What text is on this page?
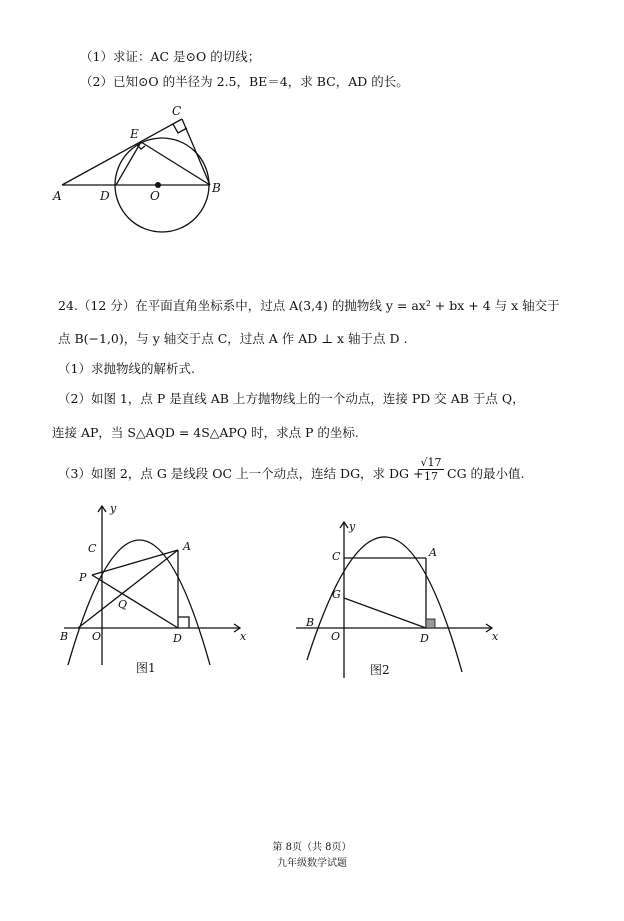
（1）求证：AC 是⊙O 的切线；
（2）已知⊙O 的半径为 2.5，BE＝4，求 BC，AD 的长。
A
B
C
D
E
O
24.（12 分）在平面直角坐标系中，过点 A(3,4) 的抛物线 y = ax² + bx + 4 与 x 轴交于
点 B(−1,0)，与 y 轴交于点 C，过点 A 作 AD ⊥ x 轴于点 D .
（1）求抛物线的解析式.
（2）如图 1，点 P 是直线 AB 上方抛物线上的一个动点，连接 PD 交 AB 于点 Q，
连接 AP，当 S△AQD = 4S△APQ 时，求点 P 的坐标.
（3）如图 2，点 G 是线段 OC 上一个动点，连结 DG，求 DG +
$\frac{√17}{17}$ CG 的最小值.
y
x
C	A
P
Q
B O	D
图1
y
x
C	A
G
B
O	D
图2
第 8页（共 8页）
九年级数学试题
